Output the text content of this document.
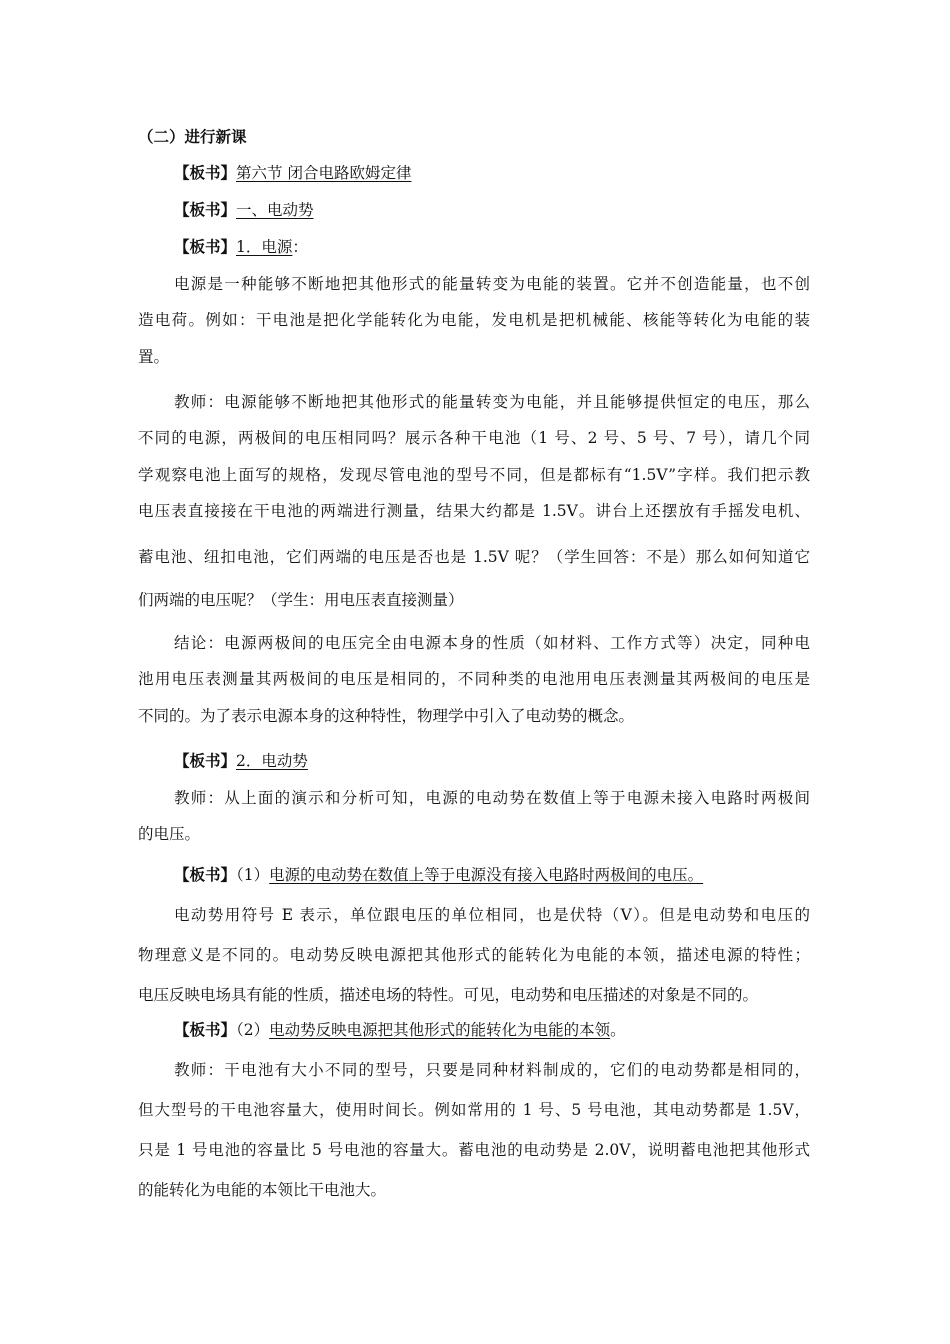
（二）进行新课
【板书】第六节 闭合电路欧姆定律
【板书】一、电动势
【板书】1．电源：
电源是一种能够不断地把其他形式的能量转变为电能的装置。它并不创造能量，也不创
造电荷。例如：干电池是把化学能转化为电能，发电机是把机械能、核能等转化为电能的装
置。
教师：电源能够不断地把其他形式的能量转变为电能，并且能够提供恒定的电压，那么
不同的电源，两极间的电压相同吗？展示各种干电池（1 号、2 号、5 号、7 号），请几个同
学观察电池上面写的规格，发现尽管电池的型号不同，但是都标有“1.5V”字样。我们把示教
电压表直接接在干电池的两端进行测量，结果大约都是 1.5V。讲台上还摆放有手摇发电机、
蓄电池、纽扣电池，它们两端的电压是否也是 1.5V 呢？（学生回答：不是）那么如何知道它
们两端的电压呢？（学生：用电压表直接测量）
结论：电源两极间的电压完全由电源本身的性质（如材料、工作方式等）决定，同种电
池用电压表测量其两极间的电压是相同的，不同种类的电池用电压表测量其两极间的电压是
不同的。为了表示电源本身的这种特性，物理学中引入了电动势的概念。
【板书】2．电动势
教师：从上面的演示和分析可知，电源的电动势在数值上等于电源未接入电路时两极间
的电压。
【板书】（1）电源的电动势在数值上等于电源没有接入电路时两极间的电压。
电动势用符号 E 表示，单位跟电压的单位相同，也是伏特（V）。但是电动势和电压的
物理意义是不同的。电动势反映电源把其他形式的能转化为电能的本领，描述电源的特性；
电压反映电场具有能的性质，描述电场的特性。可见，电动势和电压描述的对象是不同的。
【板书】（2）电动势反映电源把其他形式的能转化为电能的本领。
教师：干电池有大小不同的型号，只要是同种材料制成的，它们的电动势都是相同的，
但大型号的干电池容量大，使用时间长。例如常用的 1 号、5 号电池，其电动势都是 1.5V，
只是 1 号电池的容量比 5 号电池的容量大。蓄电池的电动势是 2.0V，说明蓄电池把其他形式
的能转化为电能的本领比干电池大。
